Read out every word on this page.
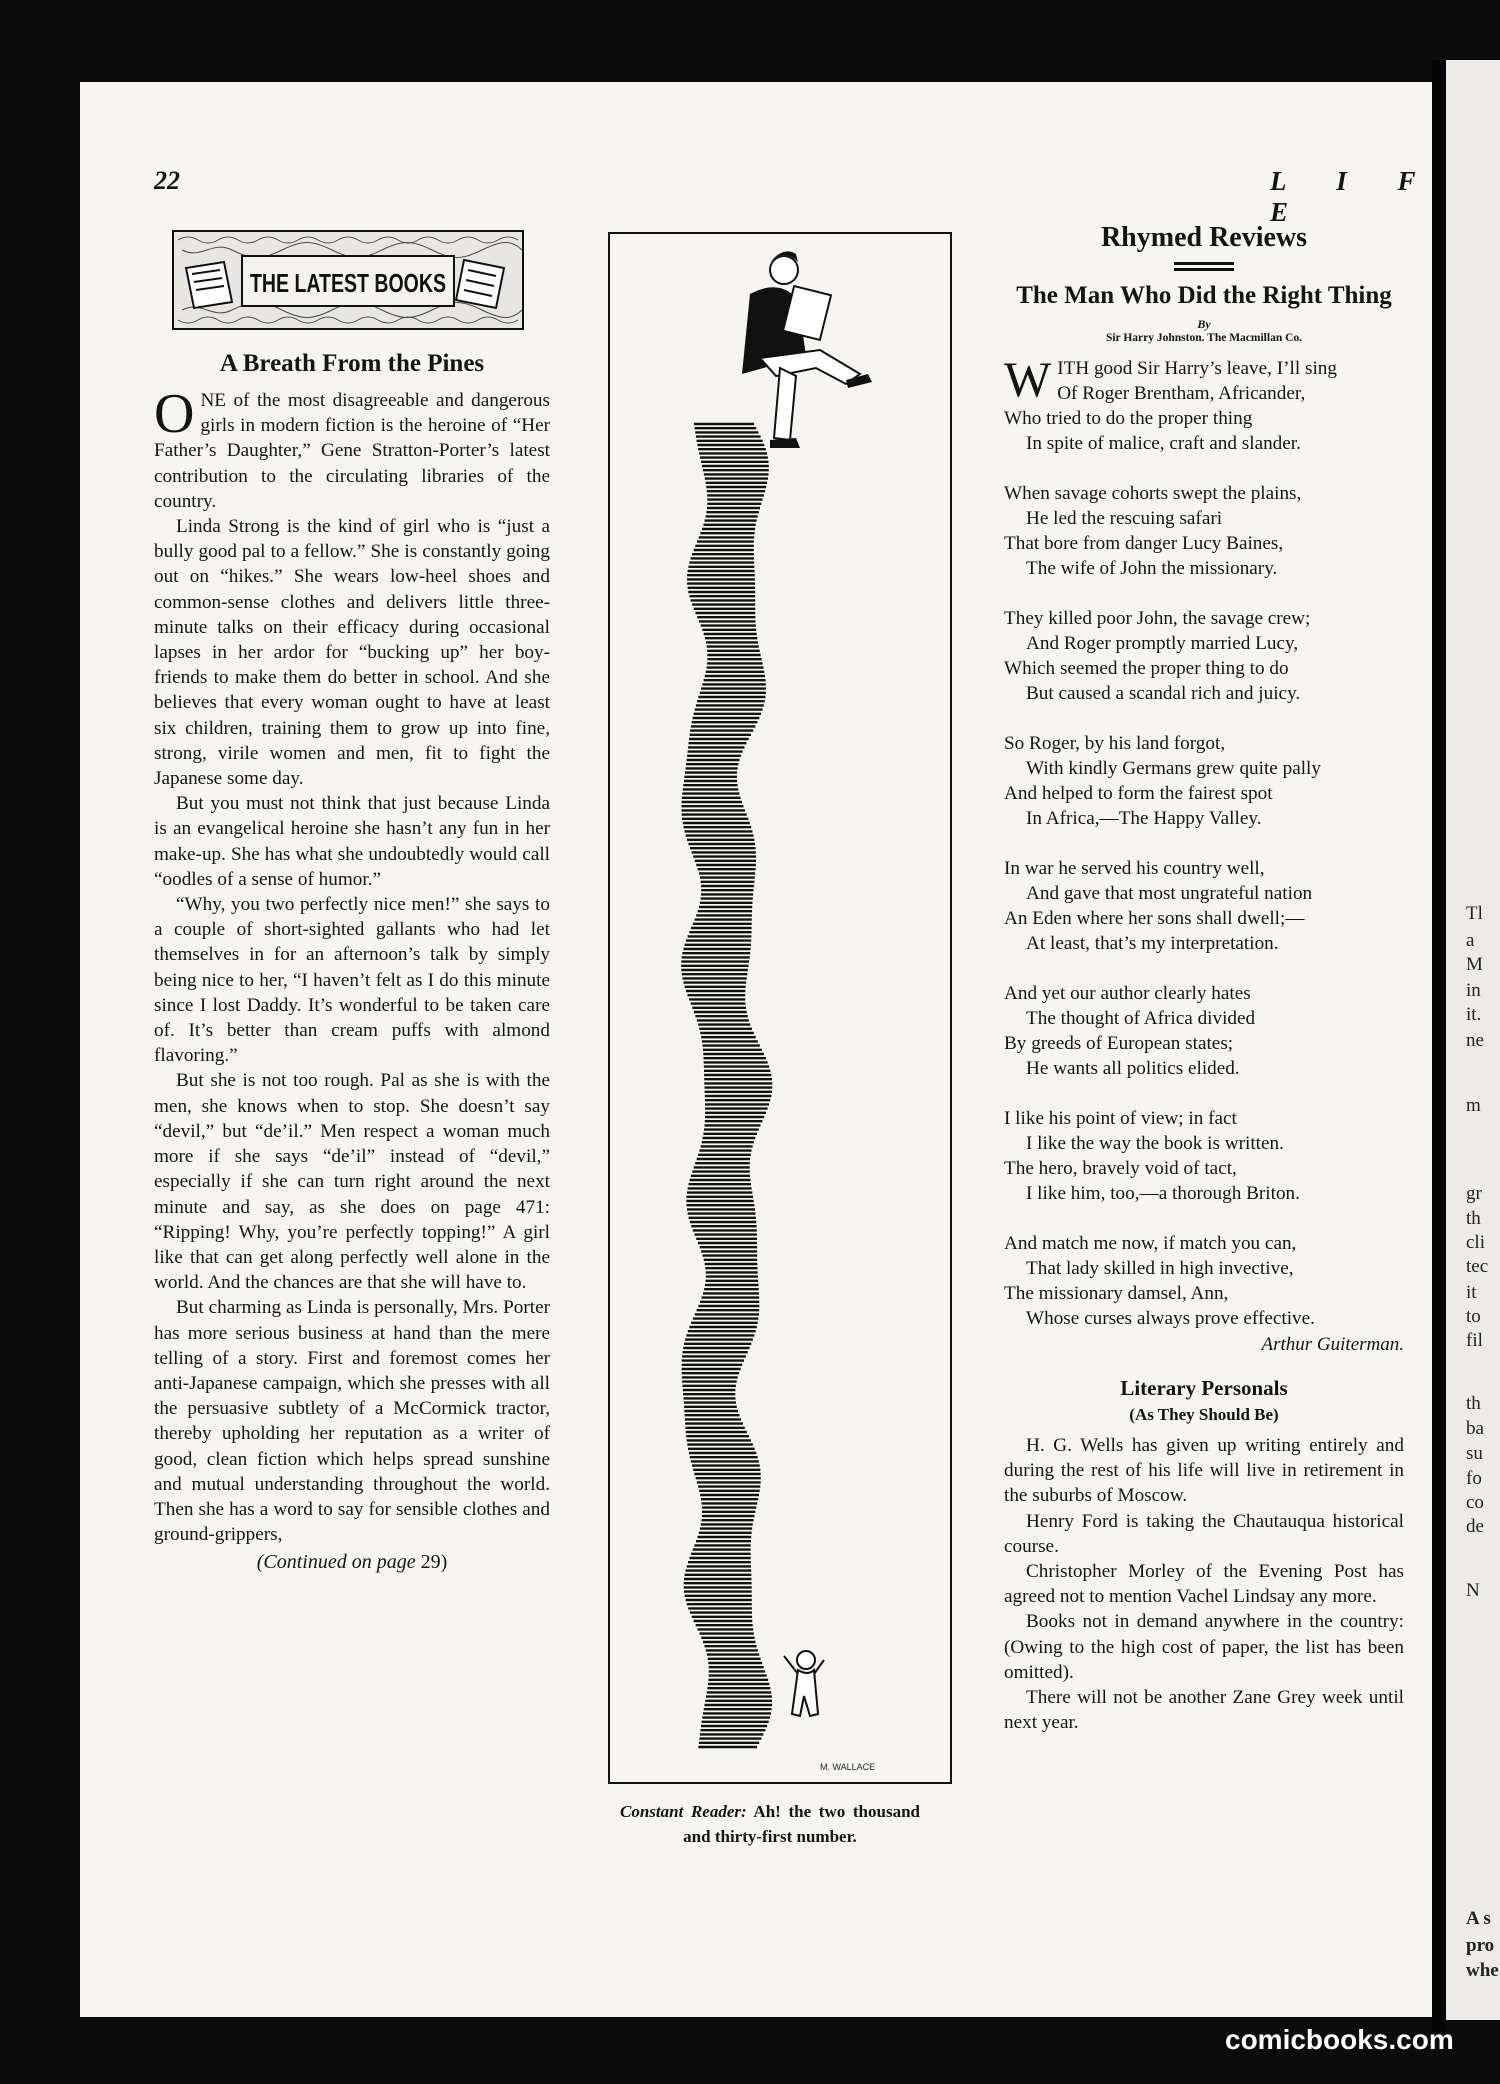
Tl
a
M
in
it.
ne
m
gr
th
cli
tec
it
to
fil
th
ba
su
fo
co
de
N
A s
pro
whe
22	L I F E
THE LATEST BOOKS
A Breath From the Pines

ONE of the most disagreeable and dangerous girls in modern fiction is the heroine of “Her Father’s Daughter,” Gene Stratton-Porter’s latest contribution to the circulating libraries of the country.

Linda Strong is the kind of girl who is “just a bully good pal to a fellow.” She is constantly going out on “hikes.” She wears low-heel shoes and common-sense clothes and delivers little three-minute talks on their efficacy during occasional lapses in her ardor for “bucking up” her boy-friends to make them do better in school. And she believes that every woman ought to have at least six children, training them to grow up into fine, strong, virile women and men, fit to fight the Japanese some day.

But you must not think that just because Linda is an evangelical heroine she hasn’t any fun in her make-up. She has what she undoubtedly would call “oodles of a sense of humor.”

“Why, you two perfectly nice men!” she says to a couple of short-sighted gallants who had let themselves in for an afternoon’s talk by simply being nice to her, “I haven’t felt as I do this minute since I lost Daddy. It’s wonderful to be taken care of. It’s better than cream puffs with almond flavoring.”

But she is not too rough. Pal as she is with the men, she knows when to stop. She doesn’t say “devil,” but “de’il.” Men respect a woman much more if she says “de’il” instead of “devil,” especially if she can turn right around the next minute and say, as she does on page 471: “Ripping! Why, you’re perfectly topping!” A girl like that can get along perfectly well alone in the world. And the chances are that she will have to.

But charming as Linda is personally, Mrs. Porter has more serious business at hand than the mere telling of a story. First and foremost comes her anti-Japanese campaign, which she presses with all the persuasive subtlety of a McCormick tractor, thereby upholding her reputation as a writer of good, clean fiction which helps spread sunshine and mutual understanding throughout the world. Then she has a word to say for sensible clothes and ground-grippers,

(Continued on page 29)
M. WALLACE
Constant Reader: Ah! the two thousand and thirty-first number.
Rhymed Reviews
The Man Who Did the Right Thing
By
Sir Harry Johnston. The Macmillan Co.
WITH good Sir Harry’s leave, I’ll sing
Of Roger Brentham, Africander,
Who tried to do the proper thing
In spite of malice, craft and slander.
When savage cohorts swept the plains,
He led the rescuing safari
That bore from danger Lucy Baines,
The wife of John the missionary.
They killed poor John, the savage crew;
And Roger promptly married Lucy,
Which seemed the proper thing to do
But caused a scandal rich and juicy.
So Roger, by his land forgot,
With kindly Germans grew quite pally
And helped to form the fairest spot
In Africa,—The Happy Valley.
In war he served his country well,
And gave that most ungrateful nation
An Eden where her sons shall dwell;—
At least, that’s my interpretation.
And yet our author clearly hates
The thought of Africa divided
By greeds of European states;
He wants all politics elided.
I like his point of view; in fact
I like the way the book is written.
The hero, bravely void of tact,
I like him, too,—a thorough Briton.
And match me now, if match you can,
That lady skilled in high invective,
The missionary damsel, Ann,
Whose curses always prove effective.
Arthur Guiterman.
Literary Personals
(As They Should Be)

H. G. Wells has given up writing entirely and during the rest of his life will live in retirement in the suburbs of Moscow.

Henry Ford is taking the Chautauqua historical course.

Christopher Morley of the Evening Post has agreed not to mention Vachel Lindsay any more.

Books not in demand anywhere in the country: (Owing to the high cost of paper, the list has been omitted).

There will not be another Zane Grey week until next year.

comicbooks.com
